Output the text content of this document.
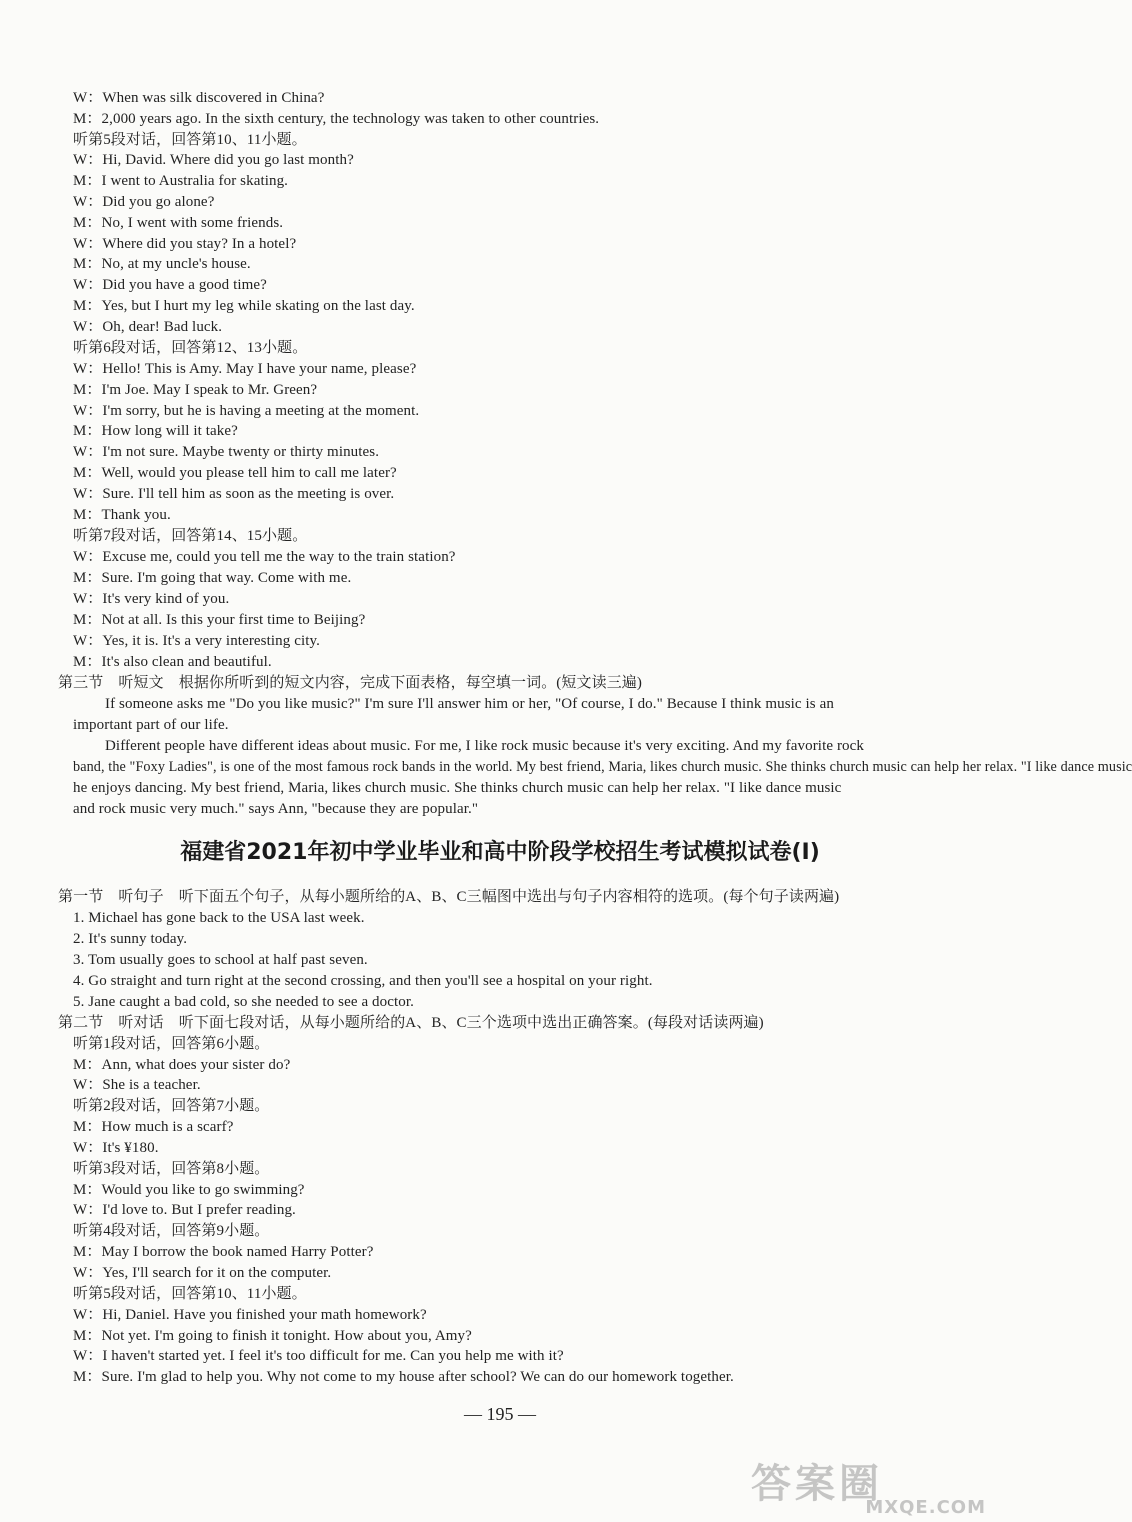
W：When was silk discovered in China?
M：2,000 years ago. In the sixth century, the technology was taken to other countries.
听第5段对话，回答第10、11小题。
W：Hi, David. Where did you go last month?
M：I went to Australia for skating.
W：Did you go alone?
M：No, I went with some friends.
W：Where did you stay? In a hotel?
M：No, at my uncle's house.
W：Did you have a good time?
M：Yes, but I hurt my leg while skating on the last day.
W：Oh, dear! Bad luck.
听第6段对话，回答第12、13小题。
W：Hello! This is Amy. May I have your name, please?
M：I'm Joe. May I speak to Mr. Green?
W：I'm sorry, but he is having a meeting at the moment.
M：How long will it take?
W：I'm not sure. Maybe twenty or thirty minutes.
M：Well, would you please tell him to call me later?
W：Sure. I'll tell him as soon as the meeting is over.
M：Thank you.
听第7段对话，回答第14、15小题。
W：Excuse me, could you tell me the way to the train station?
M：Sure. I'm going that way. Come with me.
W：It's very kind of you.
M：Not at all. Is this your first time to Beijing?
W：Yes, it is. It's a very interesting city.
M：It's also clean and beautiful.
第三节　听短文　根据你所听到的短文内容，完成下面表格，每空填一词。(短文读三遍)
If someone asks me "Do you like music?" I'm sure I'll answer him or her, "Of course, I do." Because I think music is an
important part of our life.
Different people have different ideas about music. For me, I like rock music because it's very exciting. And my favorite rock
band, the "Foxy Ladies", is one of the most famous rock bands in the world. My best friend, Maria, likes church music. She thinks church music can help her relax. "I like dance music
he enjoys dancing. My best friend, Maria, likes church music. She thinks church music can help her relax. "I like dance music
and rock music very much." says Ann, "because they are popular."
福建省2021年初中学业毕业和高中阶段学校招生考试模拟试卷(Ⅰ)
第一节　听句子　听下面五个句子，从每小题所给的A、B、C三幅图中选出与句子内容相符的选项。(每个句子读两遍)
1. Michael has gone back to the USA last week.
2. It's sunny today.
3. Tom usually goes to school at half past seven.
4. Go straight and turn right at the second crossing, and then you'll see a hospital on your right.
5. Jane caught a bad cold, so she needed to see a doctor.
第二节　听对话　听下面七段对话，从每小题所给的A、B、C三个选项中选出正确答案。(每段对话读两遍)
听第1段对话，回答第6小题。
M：Ann, what does your sister do?
W：She is a teacher.
听第2段对话，回答第7小题。
M：How much is a scarf?
W：It's ¥180.
听第3段对话，回答第8小题。
M：Would you like to go swimming?
W：I'd love to. But I prefer reading.
听第4段对话，回答第9小题。
M：May I borrow the book named Harry Potter?
W：Yes, I'll search for it on the computer.
听第5段对话，回答第10、11小题。
W：Hi, Daniel. Have you finished your math homework?
M：Not yet. I'm going to finish it tonight. How about you, Amy?
W：I haven't started yet. I feel it's too difficult for me. Can you help me with it?
M：Sure. I'm glad to help you. Why not come to my house after school? We can do our homework together.
— 195 —
答案圈
MXQE.COM
